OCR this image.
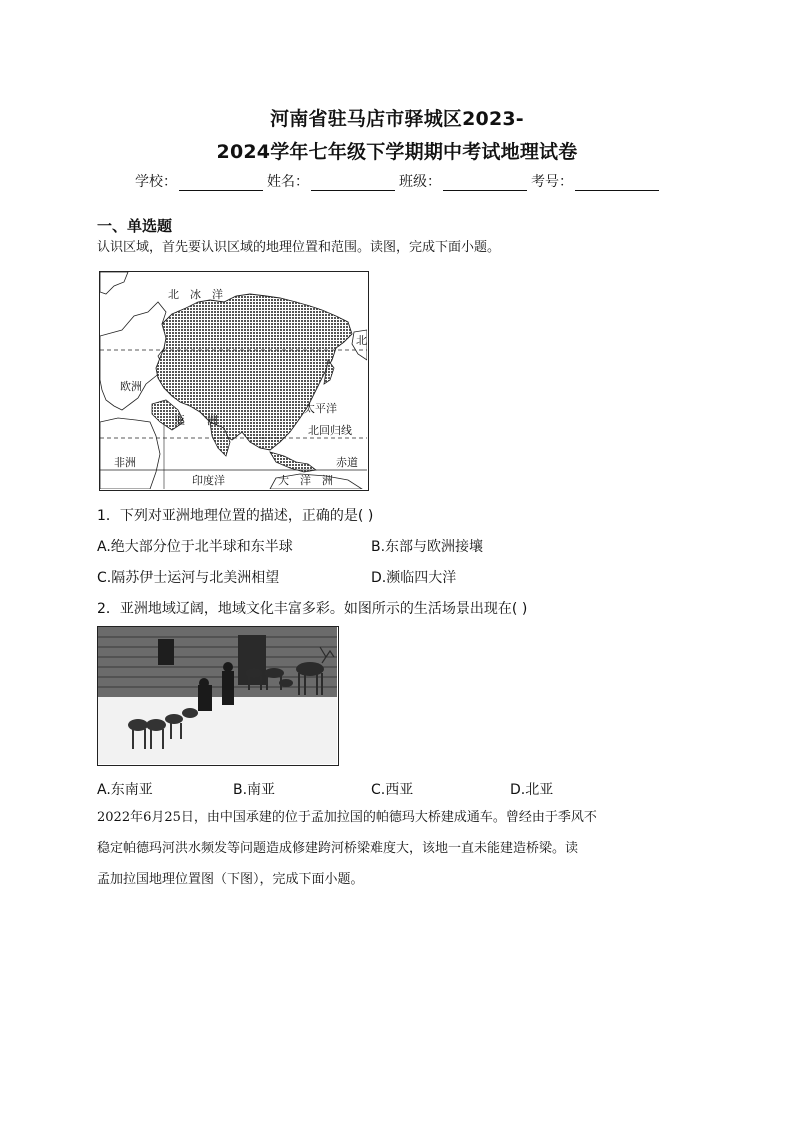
河南省驻马店市驿城区2023-
2024学年七年级下学期期中考试地理试卷
学校：	姓名：	班级：	考号：
一、单选题
认识区域，首先要认识区域的地理位置和范围。读图，完成下面小题。
北　冰　洋
北
欧洲
亚　　洲
太平洋
北回归线
非洲	赤道
印度洋	大　洋　洲
1．下列对亚洲地理位置的描述，正确的是( )
A.绝大部分位于北半球和东半球	B.东部与欧洲接壤
C.隔苏伊士运河与北美洲相望	D.濒临四大洋
2．亚洲地域辽阔，地域文化丰富多彩。如图所示的生活场景出现在( )
A.东南亚	B.南亚	C.西亚	D.北亚
2022年6月25日，由中国承建的位于孟加拉国的帕德玛大桥建成通车。曾经由于季风不
稳定帕德玛河洪水频发等问题造成修建跨河桥梁难度大，该地一直未能建造桥梁。读
孟加拉国地理位置图（下图），完成下面小题。
